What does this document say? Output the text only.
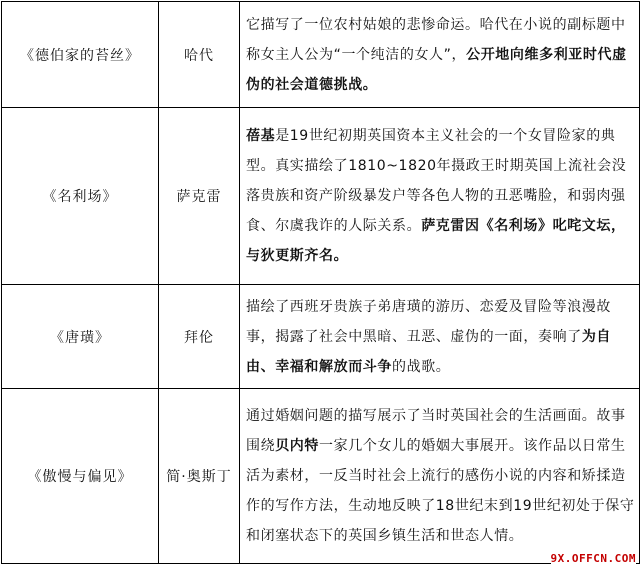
《德伯家的苔丝》	哈代	它描写了一位农村姑娘的悲惨命运。哈代在小说的副标题中称女主人公为“一个纯洁的女人”，公开地向维多利亚时代虚伪的社会道德挑战。
《名利场》	萨克雷	蓓基是19世纪初期英国资本主义社会的一个女冒险家的典型。真实描绘了1810~1820年摄政王时期英国上流社会没落贵族和资产阶级暴发户等各色人物的丑恶嘴脸，和弱肉强食、尔虞我诈的人际关系。萨克雷因《名利场》叱咤文坛，与狄更斯齐名。
《唐璜》	拜伦	描绘了西班牙贵族子弟唐璜的游历、恋爱及冒险等浪漫故事，揭露了社会中黑暗、丑恶、虚伪的一面，奏响了为自由、幸福和解放而斗争的战歌。
《傲慢与偏见》	简·奥斯丁	通过婚姻问题的描写展示了当时英国社会的生活画面。故事围绕贝内特一家几个女儿的婚姻大事展开。该作品以日常生活为素材，一反当时社会上流行的感伤小说的内容和矫揉造作的写作方法，生动地反映了18世纪末到19世纪初处于保守和闭塞状态下的英国乡镇生活和世态人情。
9X.OFFCN.COM
